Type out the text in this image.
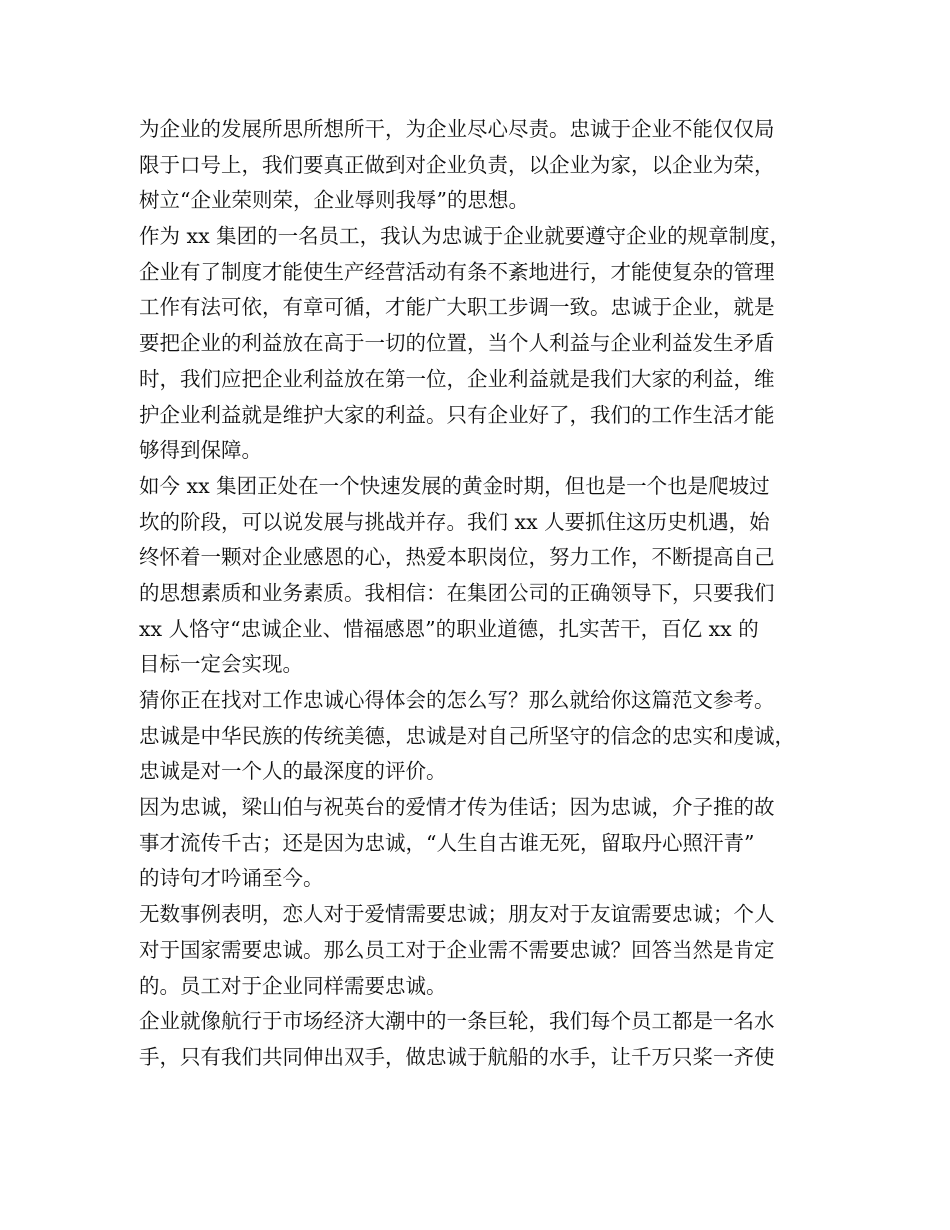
为企业的发展所思所想所干，为企业尽心尽责。忠诚于企业不能仅仅局
限于口号上，我们要真正做到对企业负责，以企业为家，以企业为荣，
树立“企业荣则荣，企业辱则我辱”的思想。
作为 xx 集团的一名员工，我认为忠诚于企业就要遵守企业的规章制度，
企业有了制度才能使生产经营活动有条不紊地进行，才能使复杂的管理
工作有法可依，有章可循，才能广大职工步调一致。忠诚于企业，就是
要把企业的利益放在高于一切的位置，当个人利益与企业利益发生矛盾
时，我们应把企业利益放在第一位，企业利益就是我们大家的利益，维
护企业利益就是维护大家的利益。只有企业好了，我们的工作生活才能
够得到保障。
如今 xx 集团正处在一个快速发展的黄金时期，但也是一个也是爬坡过
坎的阶段，可以说发展与挑战并存。我们 xx 人要抓住这历史机遇，始
终怀着一颗对企业感恩的心，热爱本职岗位，努力工作，不断提高自己
的思想素质和业务素质。我相信：在集团公司的正确领导下，只要我们
xx 人恪守“忠诚企业、惜福感恩”的职业道德，扎实苦干，百亿 xx 的
目标一定会实现。
猜你正在找对工作忠诚心得体会的怎么写？那么就给你这篇范文参考。
忠诚是中华民族的传统美德，忠诚是对自己所坚守的信念的忠实和虔诚，
忠诚是对一个人的最深度的评价。
因为忠诚，梁山伯与祝英台的爱情才传为佳话；因为忠诚，介子推的故
事才流传千古；还是因为忠诚，“人生自古谁无死，留取丹心照汗青”
的诗句才吟诵至今。
无数事例表明，恋人对于爱情需要忠诚；朋友对于友谊需要忠诚；个人
对于国家需要忠诚。那么员工对于企业需不需要忠诚？回答当然是肯定
的。员工对于企业同样需要忠诚。
企业就像航行于市场经济大潮中的一条巨轮，我们每个员工都是一名水
手，只有我们共同伸出双手，做忠诚于航船的水手，让千万只桨一齐使
